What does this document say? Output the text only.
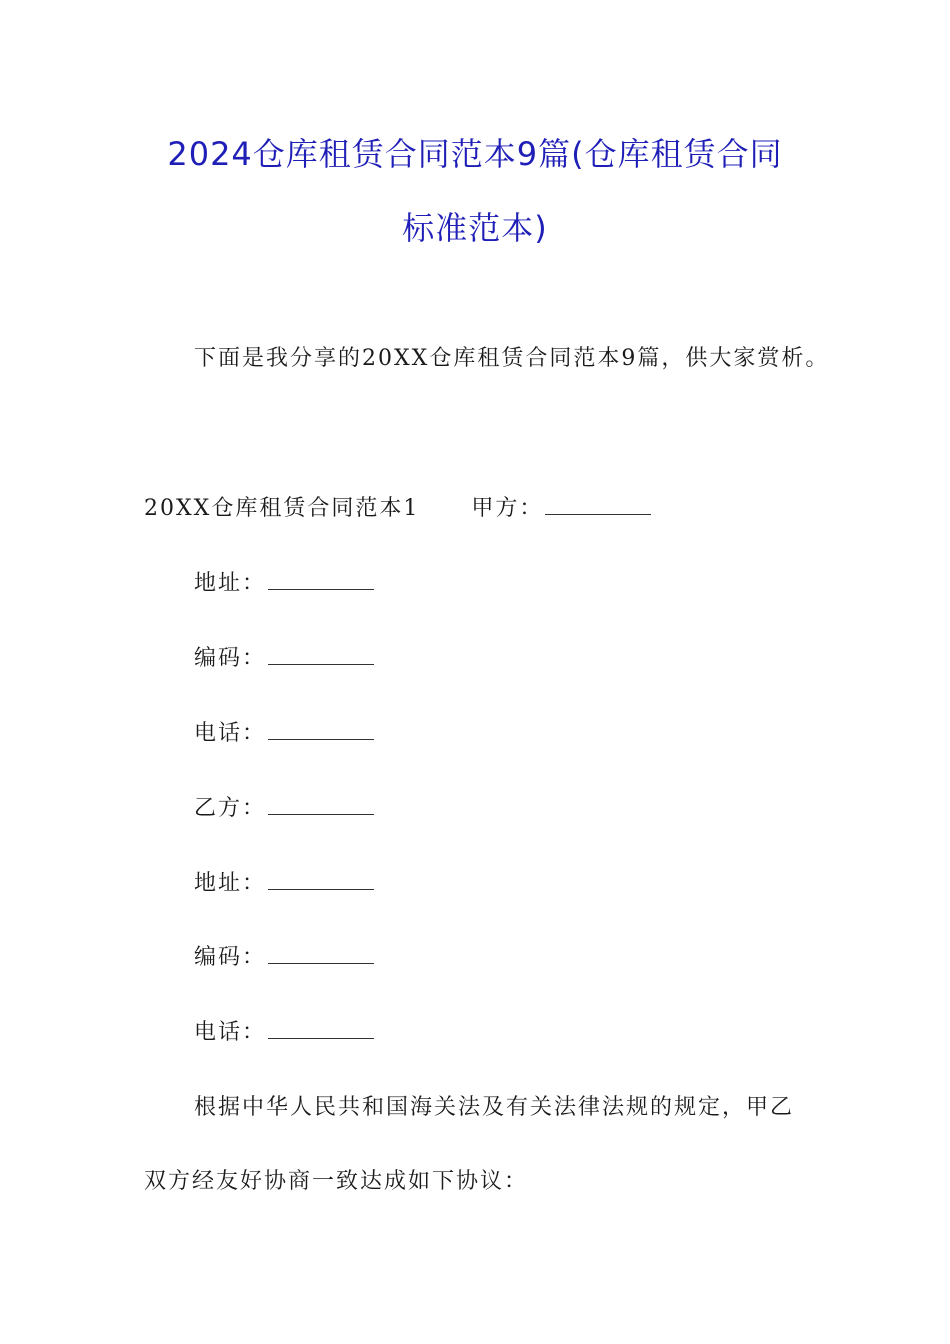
2024仓库租赁合同范本9篇(仓库租赁合同
标准范本)
下面是我分享的20XX仓库租赁合同范本9篇，供大家赏析。
20XX仓库租赁合同范本1 甲方：
地址：
编码：
电话：
乙方：
地址：
编码：
电话：
根据中华人民共和国海关法及有关法律法规的规定，甲乙
双方经友好协商一致达成如下协议：
